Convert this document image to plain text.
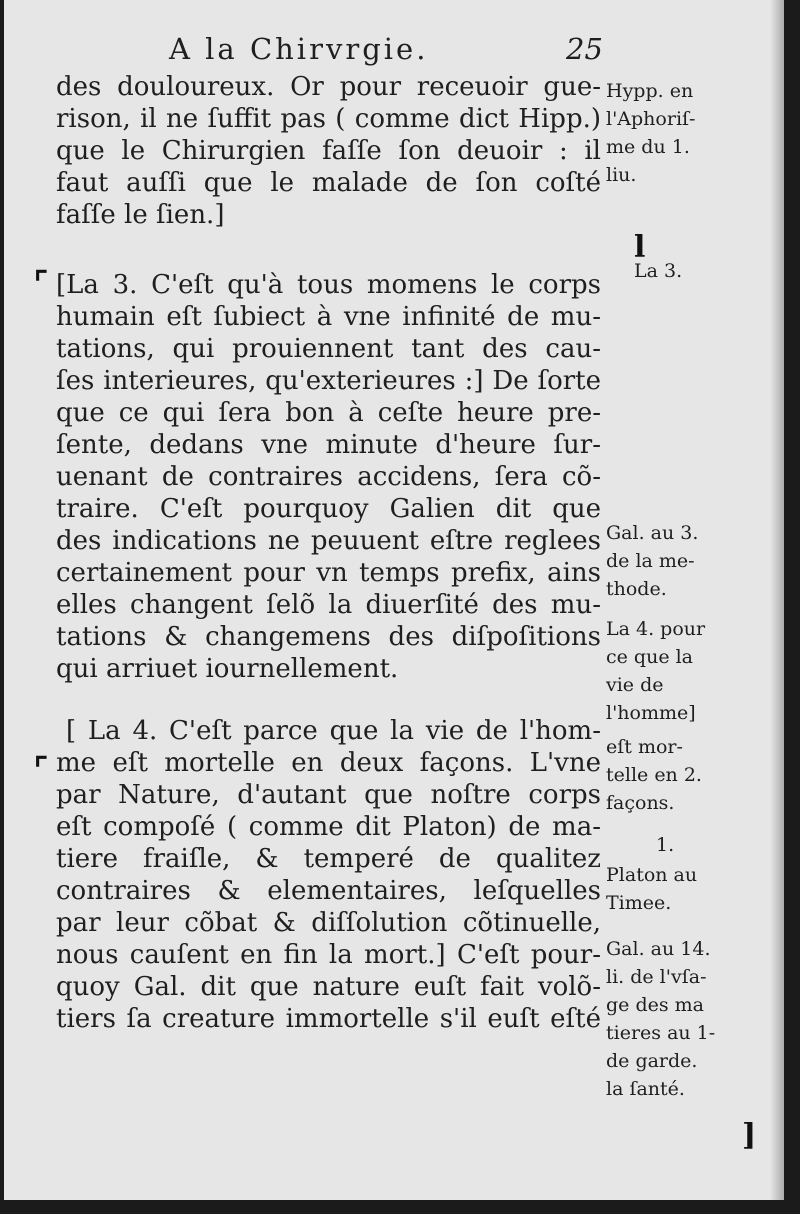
A la Chirvrgie.	25
des douloureux. Or pour receuoir gue-
rison, il ne ſuffit pas ( comme dict Hipp.)
que le Chirurgien faſſe ſon deuoir : il
faut auſſi que le malade de ſon coſté
faſſe le ſien.]
[La 3. C'eſt qu'à tous momens le corps
humain eſt ſubiect à vne infinité de mu-
tations, qui prouiennent tant des cau-
ſes interieures, qu'exterieures :] De ſorte
que ce qui ſera bon à ceſte heure pre-
ſente, dedans vne minute d'heure ſur-
uenant de contraires accidens, ſera cõ-
traire. C'eſt pourquoy Galien dit que
des indications ne peuuent eſtre reglees
certainement pour vn temps prefix, ains
elles changent ſelõ la diuerſité des mu-
tations & changemens des diſpoſitions
qui arriuet iournellement.
[ La 4. C'eſt parce que la vie de l'hom-
me eſt mortelle en deux façons. L'vne
par Nature, d'autant que noſtre corps
eſt compoſé ( comme dit Platon) de ma-
tiere fraiſle, & temperé de qualitez
contraires & elementaires, leſquelles
par leur cõbat & diſſolution cõtinuelle,
nous cauſent en fin la mort.] C'eſt pour-
quoy Gal. dit que nature euſt fait volõ-
tiers ſa creature immortelle s'il euſt eſté
Hypp. en
l'Aphoriſ-
me du 1.
liu.
La 3.
Gal. au 3.
de la me-
thode.
La 4. pour
ce que la
vie de
l'homme]
eſt mor-
telle en 2.
façons.
1.
Platon au
Timee.
Gal. au 14.
li. de l'vſa-
ge des ma
tieres au 1-
de garde.
la ſanté.
⌜
⌜
ⅼ
]
